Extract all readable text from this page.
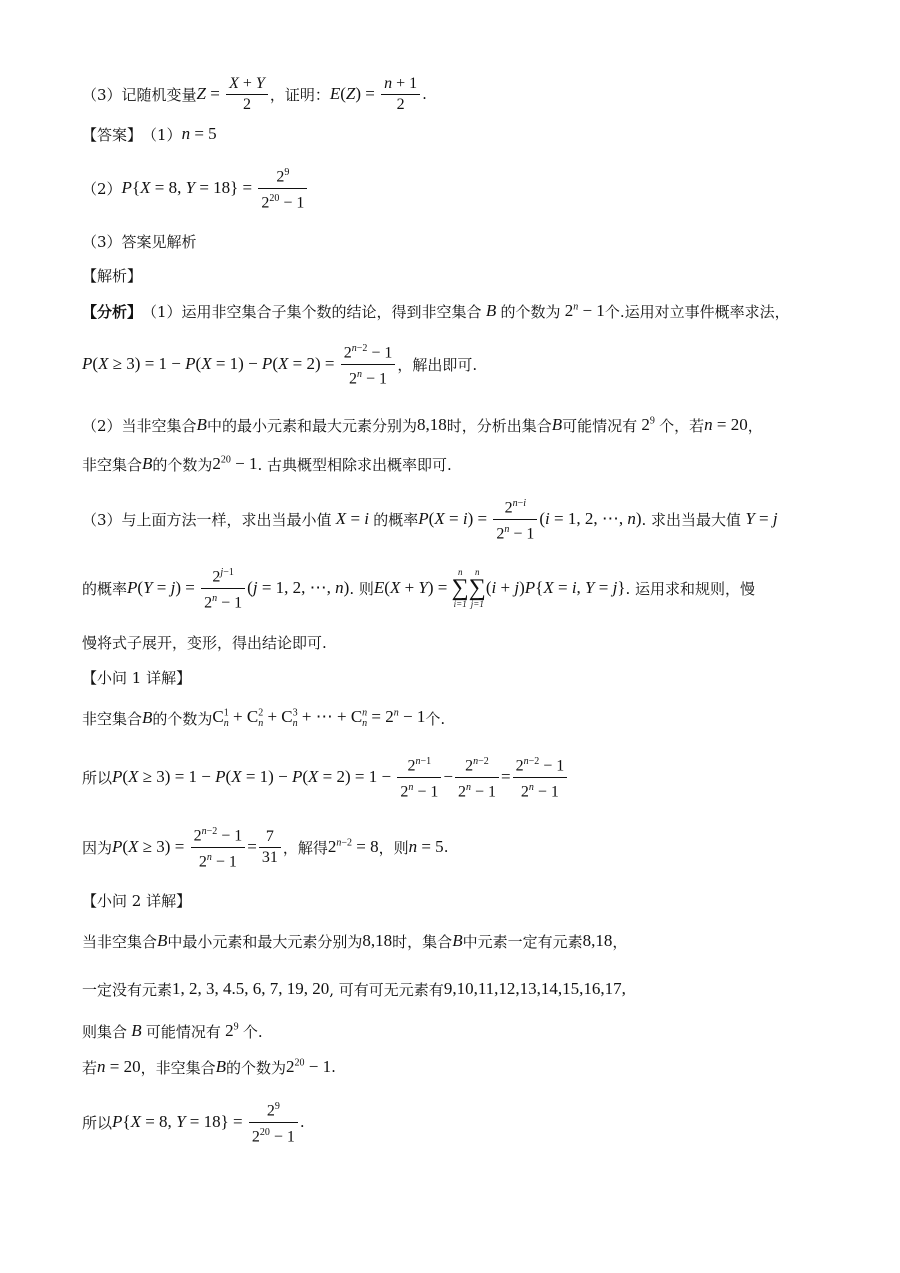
（3）记随机变量 $Z = \frac{X + Y}{2}$ ，证明： E $(Z) = \frac{n + 1}{2}$ .
【答案】 （1） n = 5
（2） P{X = 8, $Y = 18\} = \frac{2^9}{2^{20} - 1}$
（3）答案见解析
【解析】
【分析】 （1）运用非空集合子集个数的结论，得到非空集合 B 的个数为 $2^n - 1$ 个.运用对立事件概率求法，
$P(X \ge 3) = 1 - P(X = 1) - P(X = 2) = \frac{2^{n-2} - 1}{2^n - 1}$ ，解出即可.
（2）当非空集合 B 中的最小元素和最大元素分别为 8,18 时，分析出集合 B 可能情况有 $2^9$ 个，若 n = 20 ，
非空集合 B 的个数为 $2^{20} - 1$ . 古典概型相除求出概率即可.
（3）与上面方法一样，求出当最小值 X = i 的概率 $P(X = i) = \frac{2^{n-i}}{2^n - 1} (i = 1$, 2, ⋯, n) . 求出当最大值 Y = j
的概率 $P(Y = j) = \frac{2^{j-1}}{2^n - 1} (j = 1$, 2, ⋯, n) . 则 E(X + Y) =
n
∑
i=1
n
∑
j=1
(i + j)P{X = i, Y = j} . 运用求和规则，慢
慢将式子展开，变形，得出结论即可.
【小问 1 详解】
非空集合 B 的个数为 $C^1_n + C^2_n + C^3_n$ + ⋯ + $C^n_n = 2^n - 1$ 个.
所以 $P(X \ge 3) = 1 - P(X = 1) - P(X = 2) = 1 - \frac{2^{n-1}}{2^n - 1} - \frac{2^{n-2}}{2^n - 1} = \frac{2^{n-2} - 1}{2^n - 1}$
因为 $P(X \ge 3) = \frac{2^{n-2} - 1}{2^n - 1} = \frac{7}{31}$ ，解得 $2^{n-2} = 8$ ，则 n = 5 .
【小问 2 详解】
当非空集合 B 中最小元素和最大元素分别为 8,18 时，集合 B 中元素一定有元素 8,18 ，
一定没有元素 1, 2, 3, 4.5, 6, 7, 19, 20 , 可有可无元素有 9,10,11,12,13,14,15,16,17,
则集合 B 可能情况有 $2^9$ 个.
若 n = 20 ，非空集合 B 的个数为 $2^{20} - 1$ .
所以 P{X = 8, $Y = 18\} = \frac{2^9}{2^{20} - 1}$ .
